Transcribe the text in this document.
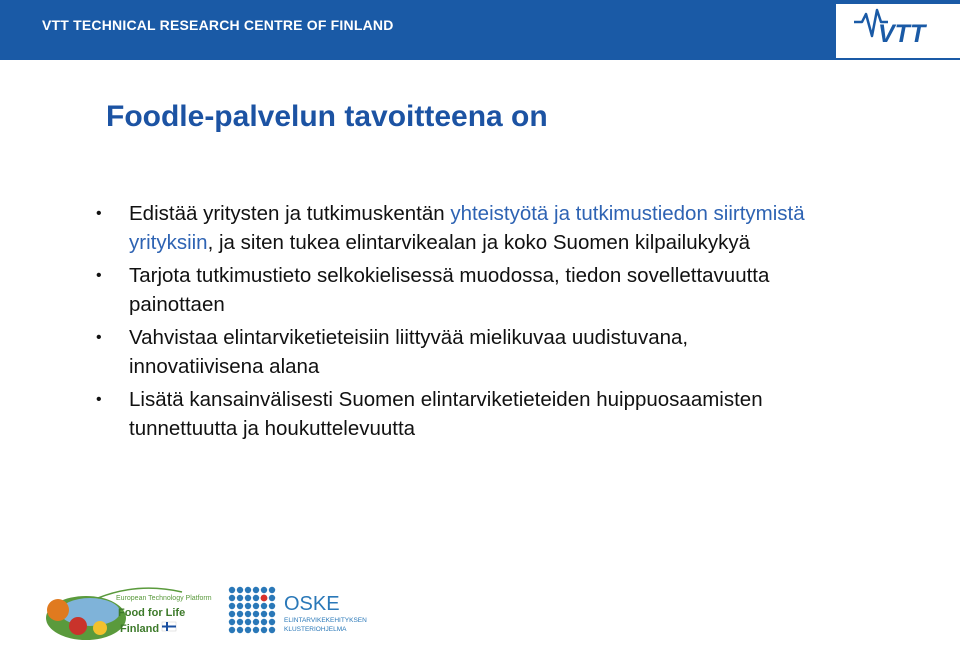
VTT TECHNICAL RESEARCH CENTRE OF FINLAND	VTT
Foodle-palvelun tavoitteena on
• Edistää yritysten ja tutkimuskentän yhteistyötä ja tutkimustiedon siirtymistä yrityksiin, ja siten tukea elintarvikealan ja koko Suomen kilpailukykyä
• Tarjota tutkimustieto selkokielisessä muodossa, tiedon sovellettavuutta painottaen
• Vahvistaa elintarviketieteisiin liittyvää mielikuvaa uudistuvana, innovatiivisena alana
• Lisätä kansainvälisesti Suomen elintarviketieteiden huippuosaamisten tunnettuutta ja houkuttelevuutta
European Technology Platform
Food for Life
Finland
OSKE
ELINTARVIKEKEHITYKSEN
KLUSTERIOHJELMA
